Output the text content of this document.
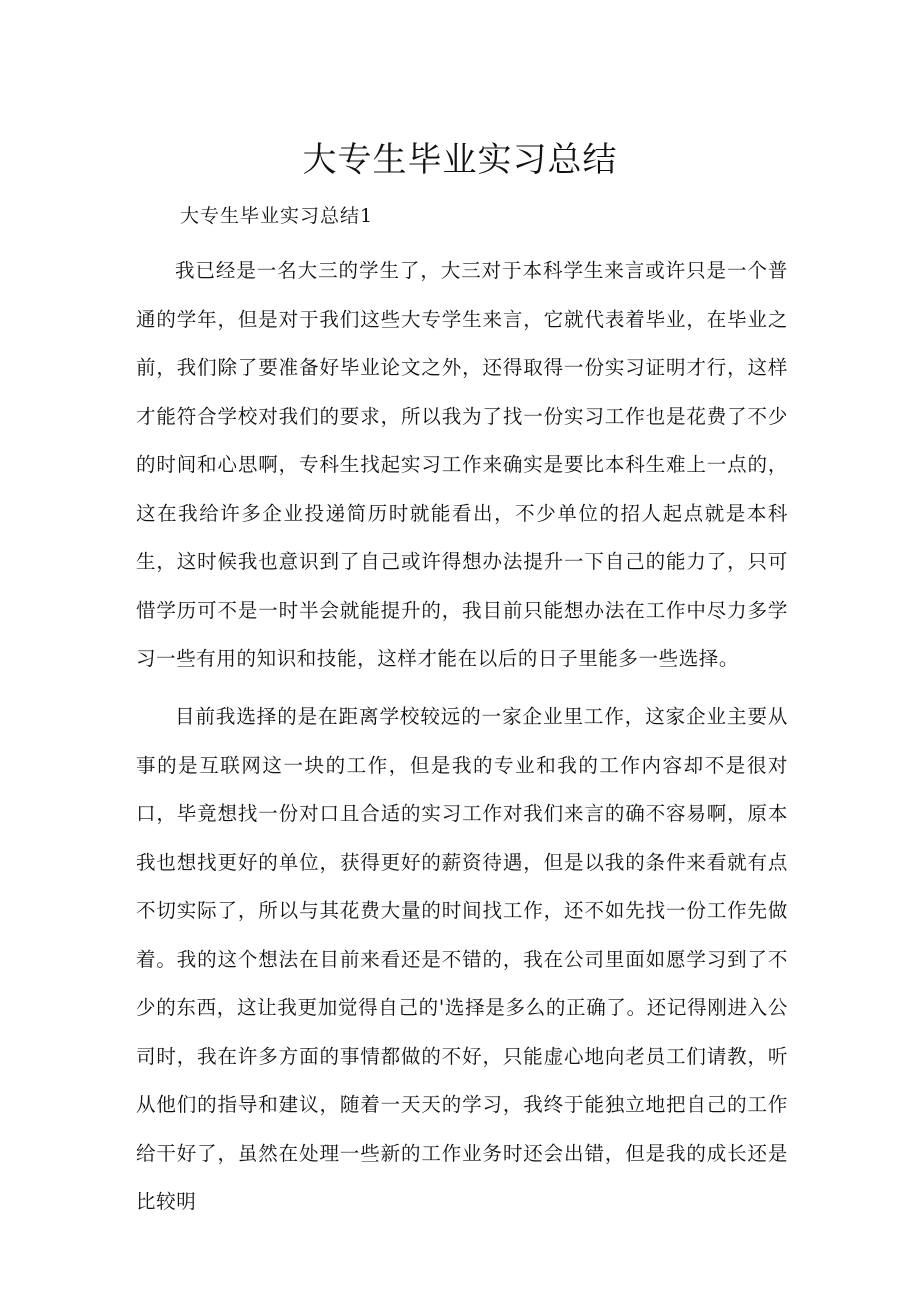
大专生毕业实习总结

大专生毕业实习总结1

我已经是一名大三的学生了，大三对于本科学生来言或许只是一个普通的学年，但是对于我们这些大专学生来言，它就代表着毕业，在毕业之前，我们除了要准备好毕业论文之外，还得取得一份实习证明才行，这样才能符合学校对我们的要求，所以我为了找一份实习工作也是花费了不少的时间和心思啊，专科生找起实习工作来确实是要比本科生难上一点的，这在我给许多企业投递简历时就能看出，不少单位的招人起点就是本科生，这时候我也意识到了自己或许得想办法提升一下自己的能力了，只可惜学历可不是一时半会就能提升的，我目前只能想办法在工作中尽力多学习一些有用的知识和技能，这样才能在以后的日子里能多一些选择。

目前我选择的是在距离学校较远的一家企业里工作，这家企业主要从事的是互联网这一块的工作，但是我的专业和我的工作内容却不是很对口，毕竟想找一份对口且合适的实习工作对我们来言的确不容易啊，原本我也想找更好的单位，获得更好的薪资待遇，但是以我的条件来看就有点不切实际了，所以与其花费大量的时间找工作，还不如先找一份工作先做着。我的这个想法在目前来看还是不错的，我在公司里面如愿学习到了不少的东西，这让我更加觉得自己的'选择是多么的正确了。还记得刚进入公司时，我在许多方面的事情都做的不好，只能虚心地向老员工们请教，听从他们的指导和建议，随着一天天的学习，我终于能独立地把自己的工作给干好了，虽然在处理一些新的工作业务时还会出错，但是我的成长还是比较明
